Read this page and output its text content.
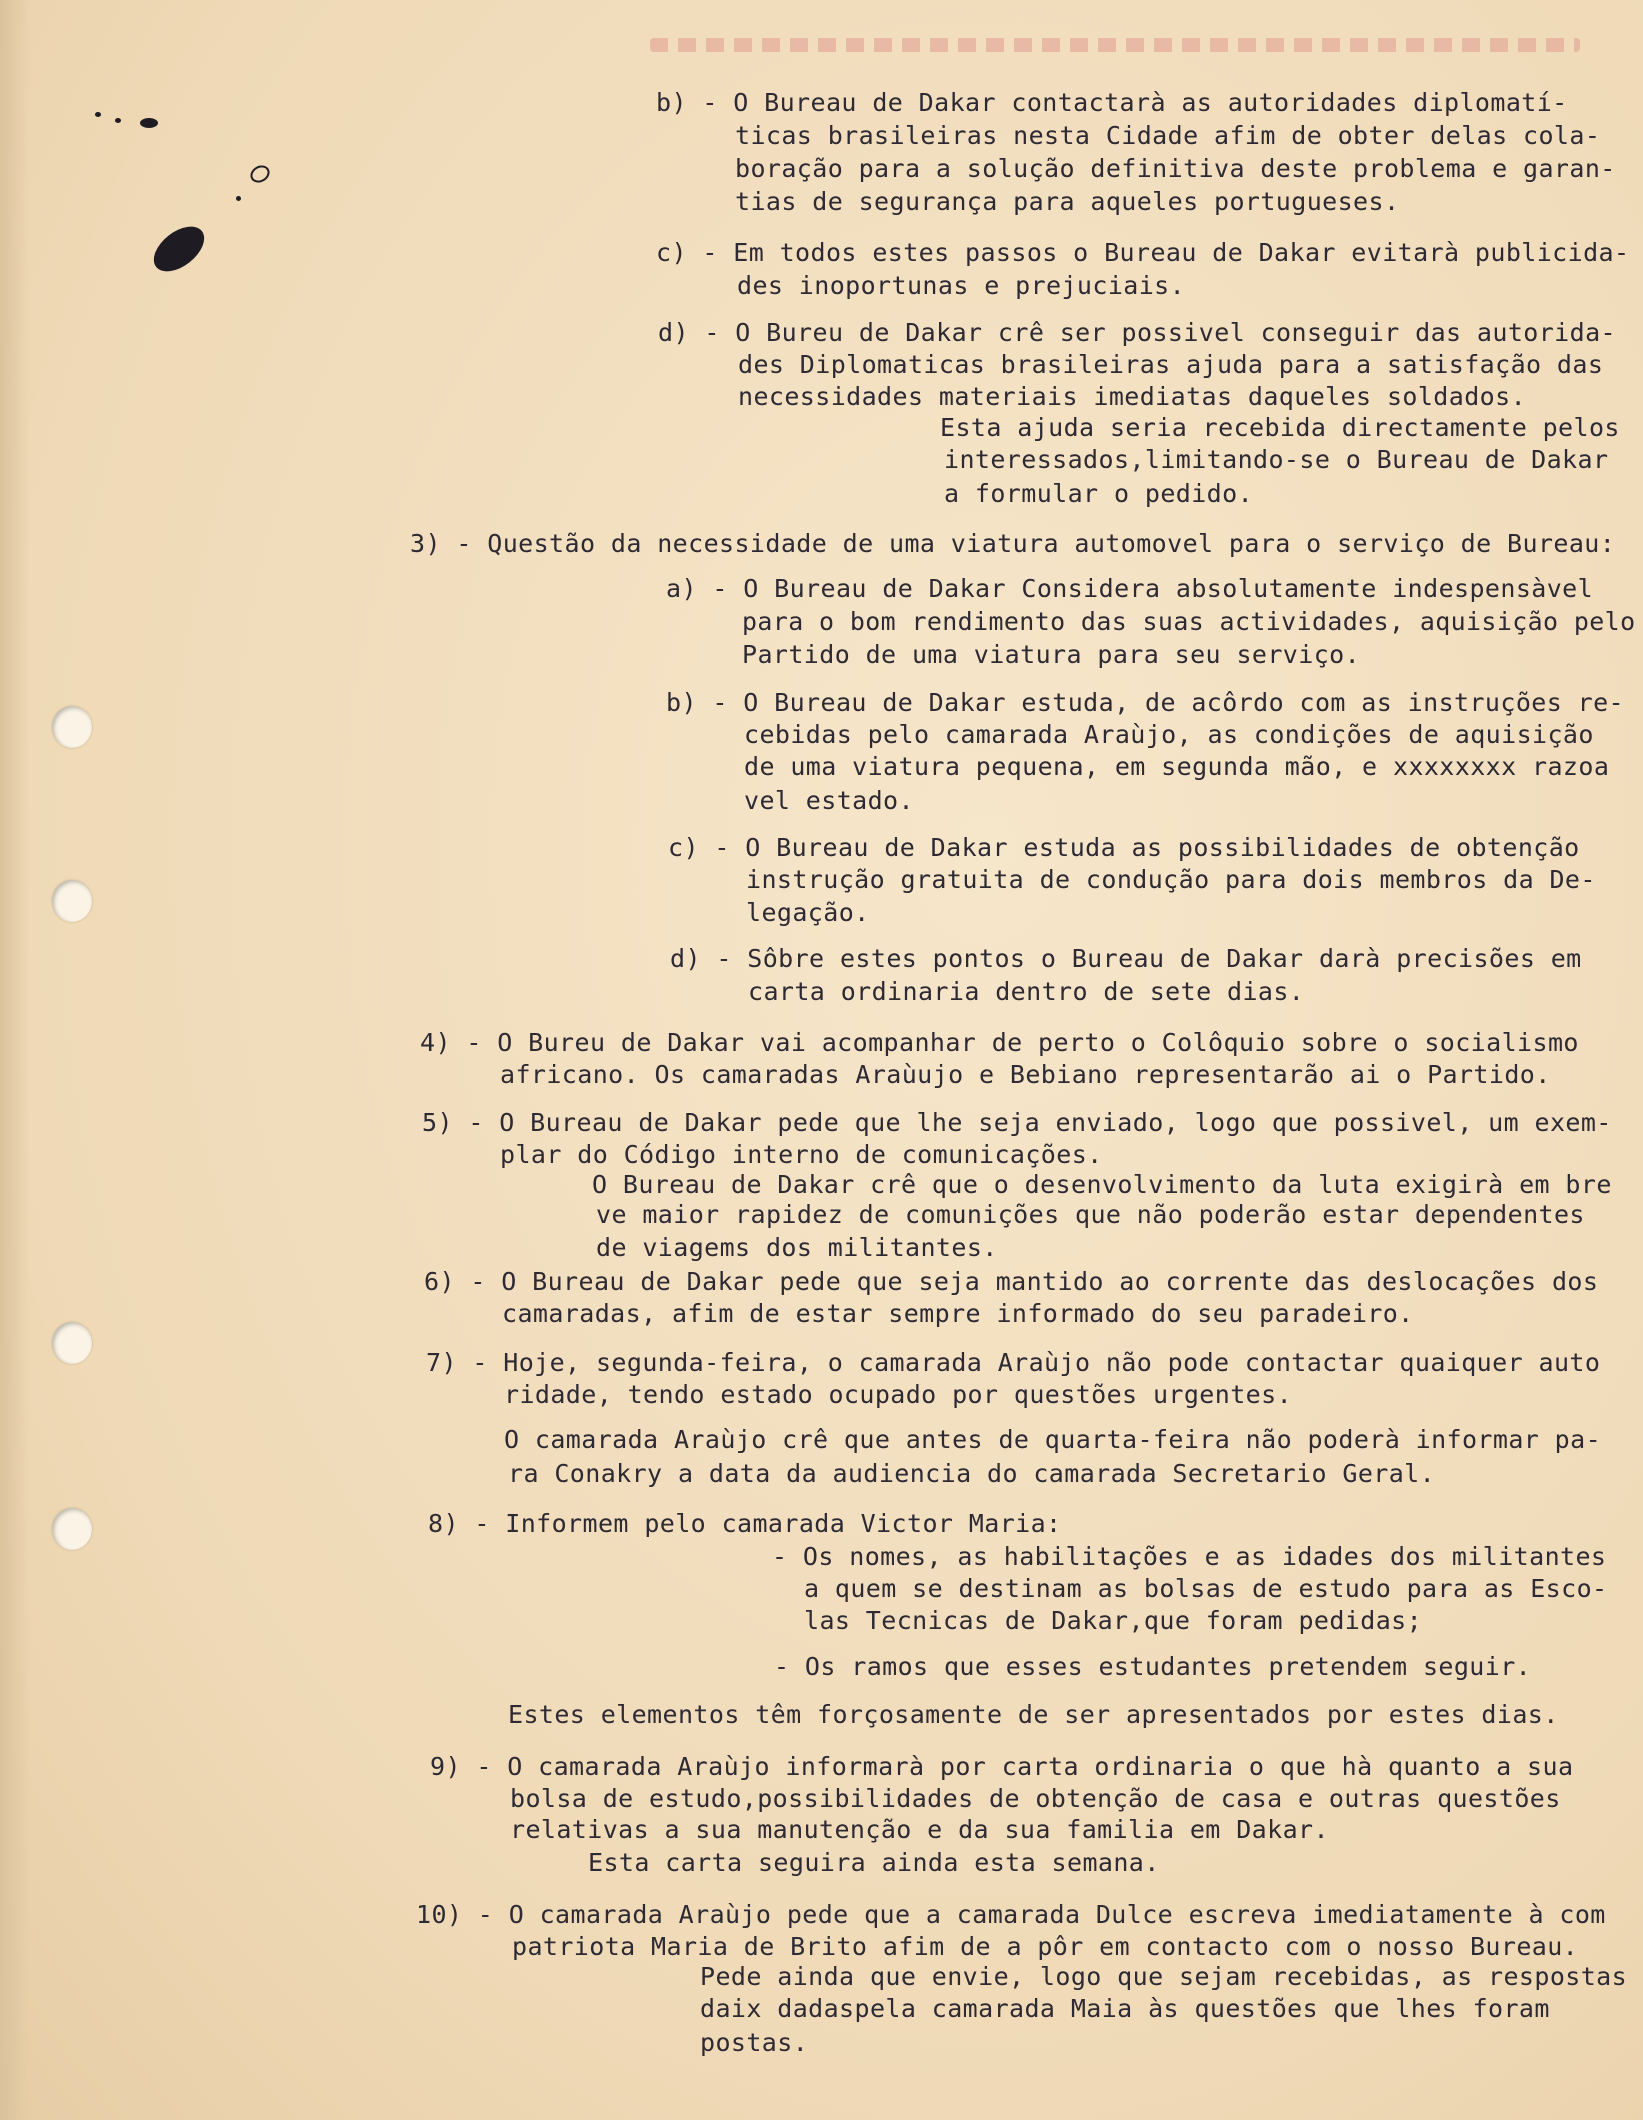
b) - O Bureau de Dakar contactarà as autoridades diplomatí-
ticas brasileiras nesta Cidade afim de obter delas cola-
boração para a solução definitiva deste problema e garan-
tias de segurança para aqueles portugueses.
c) - Em todos estes passos o Bureau de Dakar evitarà publicida-
des inoportunas e prejuciais.
d) - O Bureu de Dakar crê ser possivel conseguir das autorida-
des Diplomaticas brasileiras ajuda para a satisfação das
necessidades materiais imediatas daqueles soldados.
Esta ajuda seria recebida directamente pelos
interessados,limitando-se o Bureau de Dakar
a formular o pedido.
3) - Questão da necessidade de uma viatura automovel para o serviço de Bureau:
a) - O Bureau de Dakar Considera absolutamente indespensàvel
para o bom rendimento das suas actividades, aquisição pelo
Partido de uma viatura para seu serviço.
b) - O Bureau de Dakar estuda, de acôrdo com as instruções re-
cebidas pelo camarada Araùjo, as condições de aquisição
de uma viatura pequena, em segunda mão, e xxxxxxxx razoa
vel estado.
c) - O Bureau de Dakar estuda as possibilidades de obtenção
instrução gratuita de condução para dois membros da De-
legação.
d) - Sôbre estes pontos o Bureau de Dakar darà precisões em
carta ordinaria dentro de sete dias.
4) - O Bureu de Dakar vai acompanhar de perto o Colôquio sobre o socialismo
africano. Os camaradas Araùujo e Bebiano representarão ai o Partido.
5) - O Bureau de Dakar pede que lhe seja enviado, logo que possivel, um exem-
plar do Código interno de comunicações.
O Bureau de Dakar crê que o desenvolvimento da luta exigirà em bre
ve maior rapidez de comunições que não poderão estar dependentes
de viagems dos militantes.
6) - O Bureau de Dakar pede que seja mantido ao corrente das deslocações dos
camaradas, afim de estar sempre informado do seu paradeiro.
7) - Hoje, segunda-feira, o camarada Araùjo não pode contactar quaiquer auto
ridade, tendo estado ocupado por questões urgentes.
O camarada Araùjo crê que antes de quarta-feira não poderà informar pa-
ra Conakry a data da audiencia do camarada Secretario Geral.
8) - Informem pelo camarada Victor Maria:
- Os nomes, as habilitações e as idades dos militantes
a quem se destinam as bolsas de estudo para as Esco-
las Tecnicas de Dakar,que foram pedidas;
- Os ramos que esses estudantes pretendem seguir.
Estes elementos têm forçosamente de ser apresentados por estes dias.
9) - O camarada Araùjo informarà por carta ordinaria o que hà quanto a sua
bolsa de estudo,possibilidades de obtenção de casa e outras questões
relativas a sua manutenção e da sua familia em Dakar.
Esta carta seguira ainda esta semana.
10) - O camarada Araùjo pede que a camarada Dulce escreva imediatamente à com
patriota Maria de Brito afim de a pôr em contacto com o nosso Bureau.
Pede ainda que envie, logo que sejam recebidas, as respostas
daix dadaspela camarada Maia às questões que lhes foram
postas.
